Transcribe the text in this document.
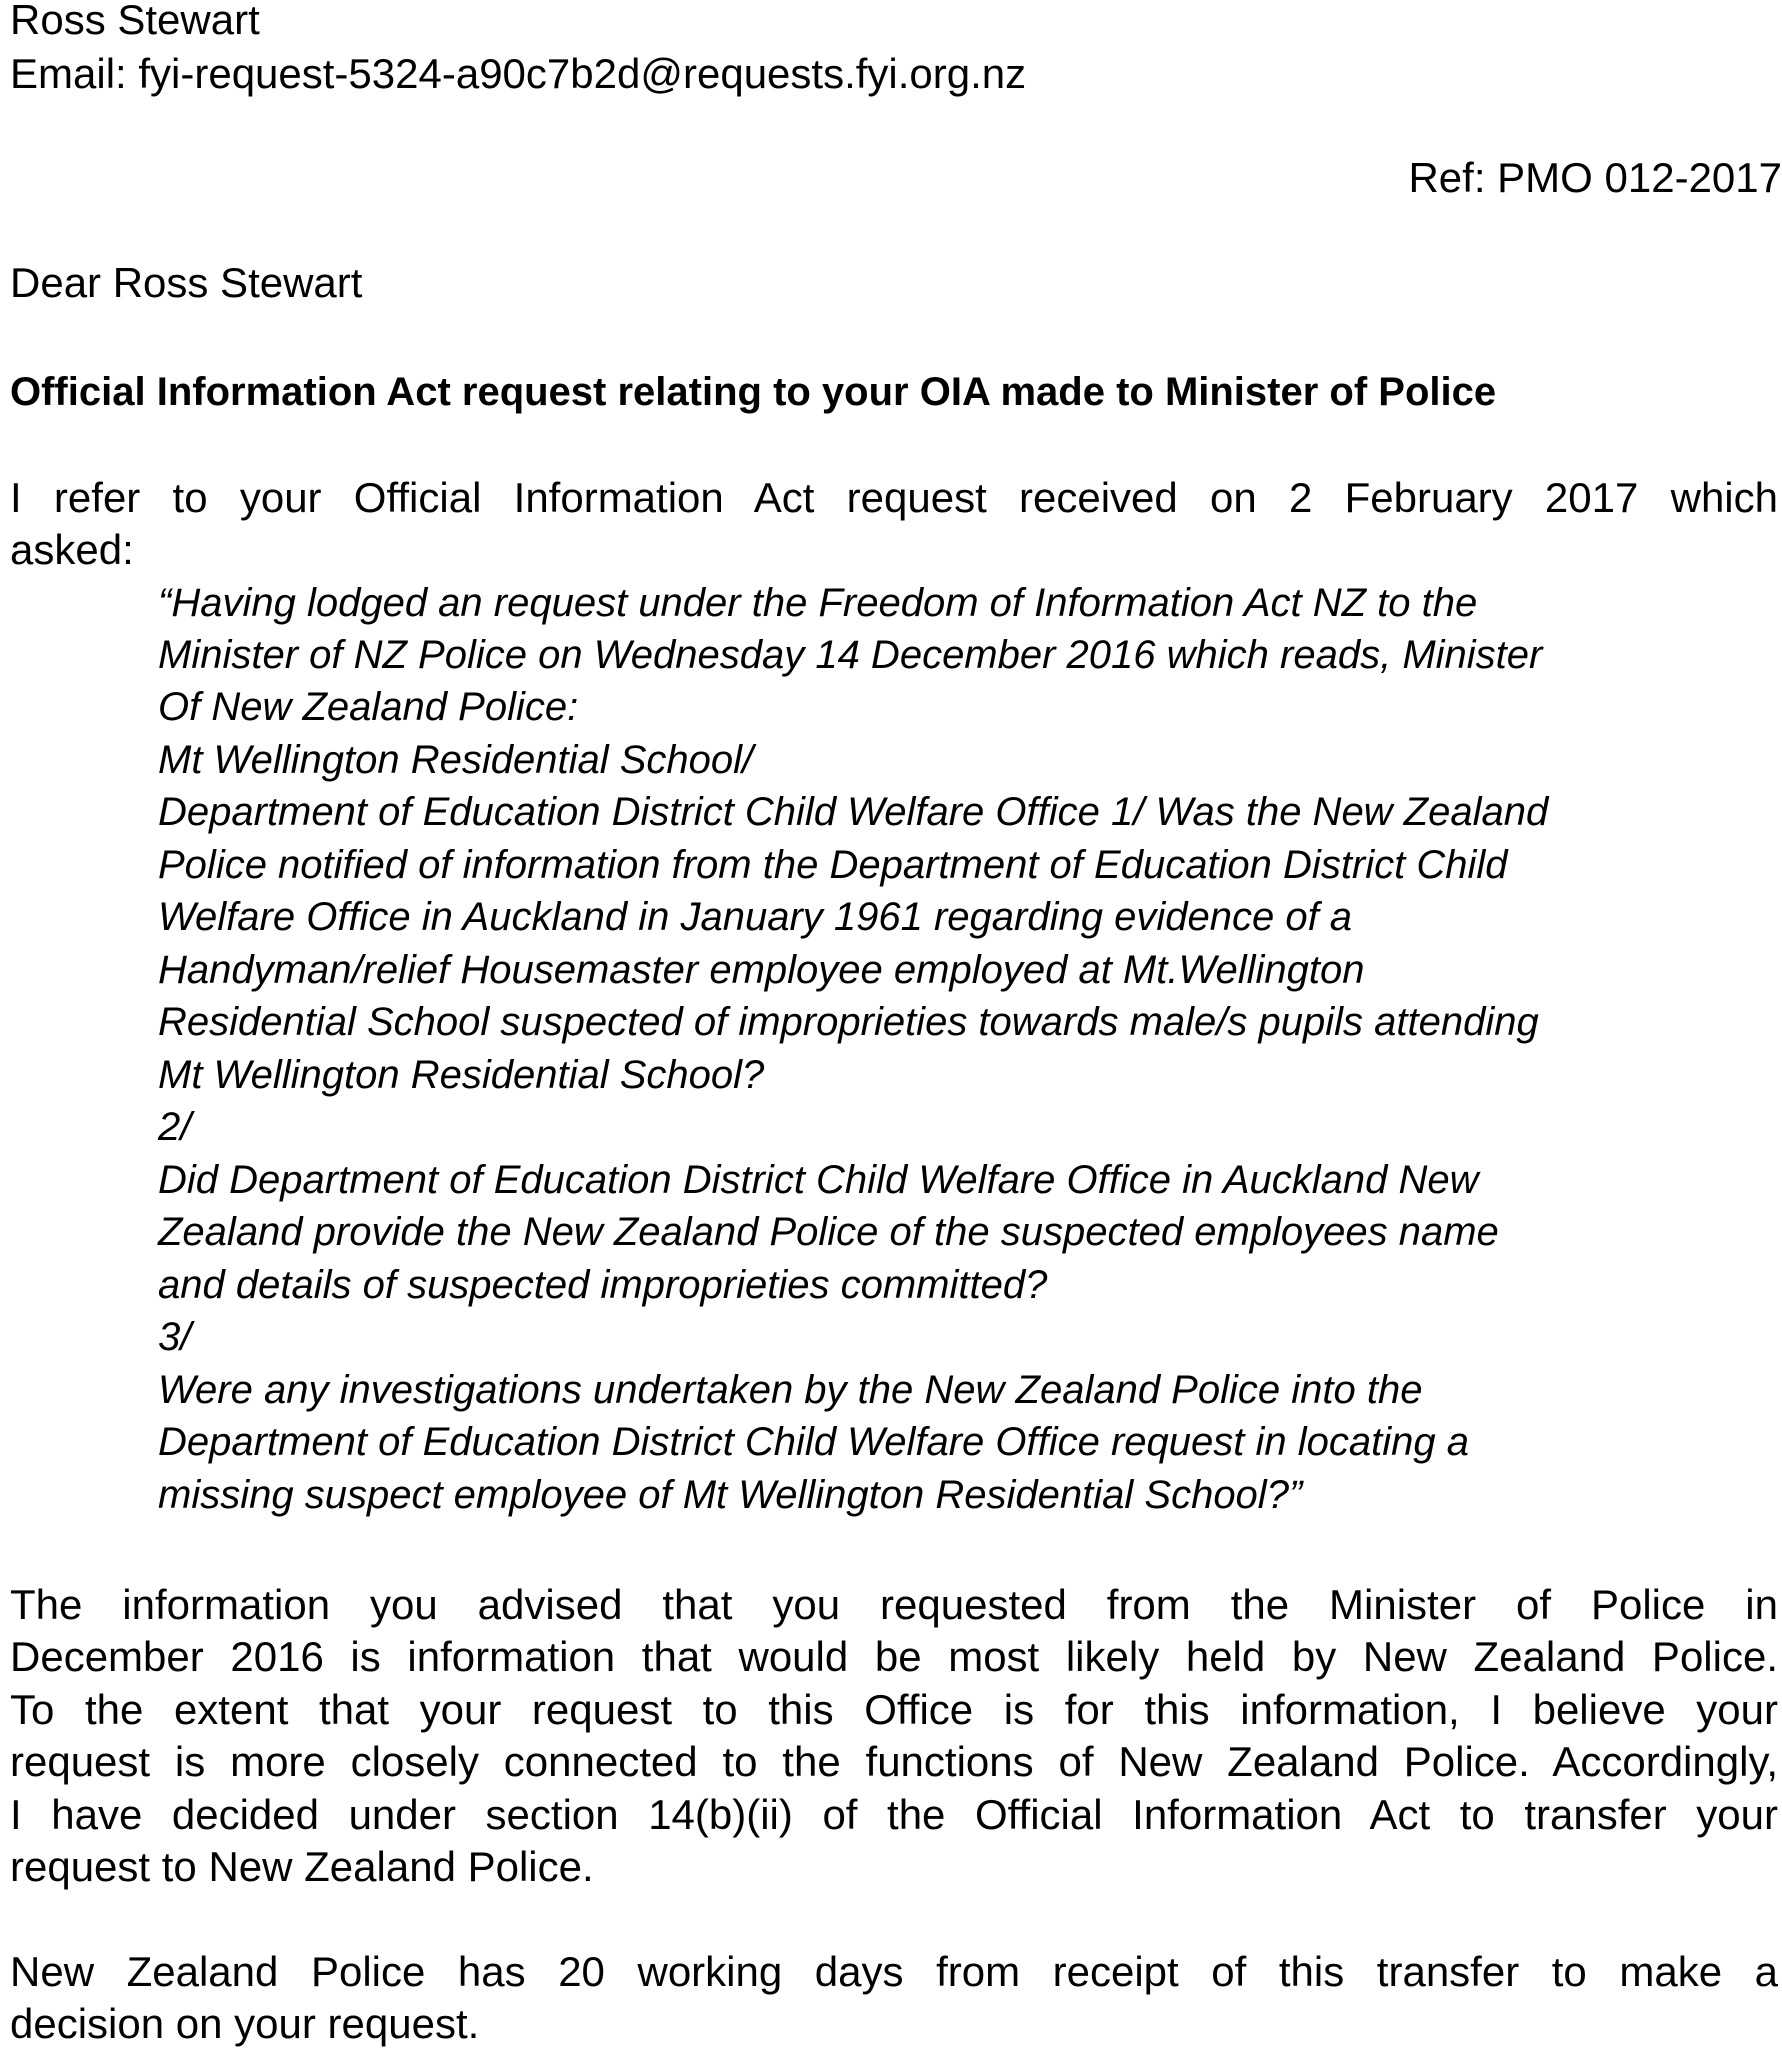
Ross Stewart
Email: fyi-request-5324-a90c7b2d@requests.fyi.org.nz
Ref: PMO 012-2017
Dear Ross Stewart
Official Information Act request relating to your OIA made to Minister of Police
I refer to your Official Information Act request received on 2 February 2017 which
asked:
“Having lodged an request under the Freedom of Information Act NZ to the
Minister of NZ Police on Wednesday 14 December 2016 which reads, Minister
Of New Zealand Police:
Mt Wellington Residential School/
Department of Education District Child Welfare Office 1/ Was the New Zealand
Police notified of information from the Department of Education District Child
Welfare Office in Auckland in January 1961 regarding evidence of a
Handyman/relief Housemaster employee employed at Mt.Wellington
Residential School suspected of improprieties towards male/s pupils attending
Mt Wellington Residential School?
2/
Did Department of Education District Child Welfare Office in Auckland New
Zealand provide the New Zealand Police of the suspected employees name
and details of suspected improprieties committed?
3/
Were any investigations undertaken by the New Zealand Police into the
Department of Education District Child Welfare Office request in locating a
missing suspect employee of Mt Wellington Residential School?”
The information you advised that you requested from the Minister of Police in
December 2016 is information that would be most likely held by New Zealand Police.
To the extent that your request to this Office is for this information, I believe your
request is more closely connected to the functions of New Zealand Police. Accordingly,
I have decided under section 14(b)(ii) of the Official Information Act to transfer your
request to New Zealand Police.
New Zealand Police has 20 working days from receipt of this transfer to make a
decision on your request.
